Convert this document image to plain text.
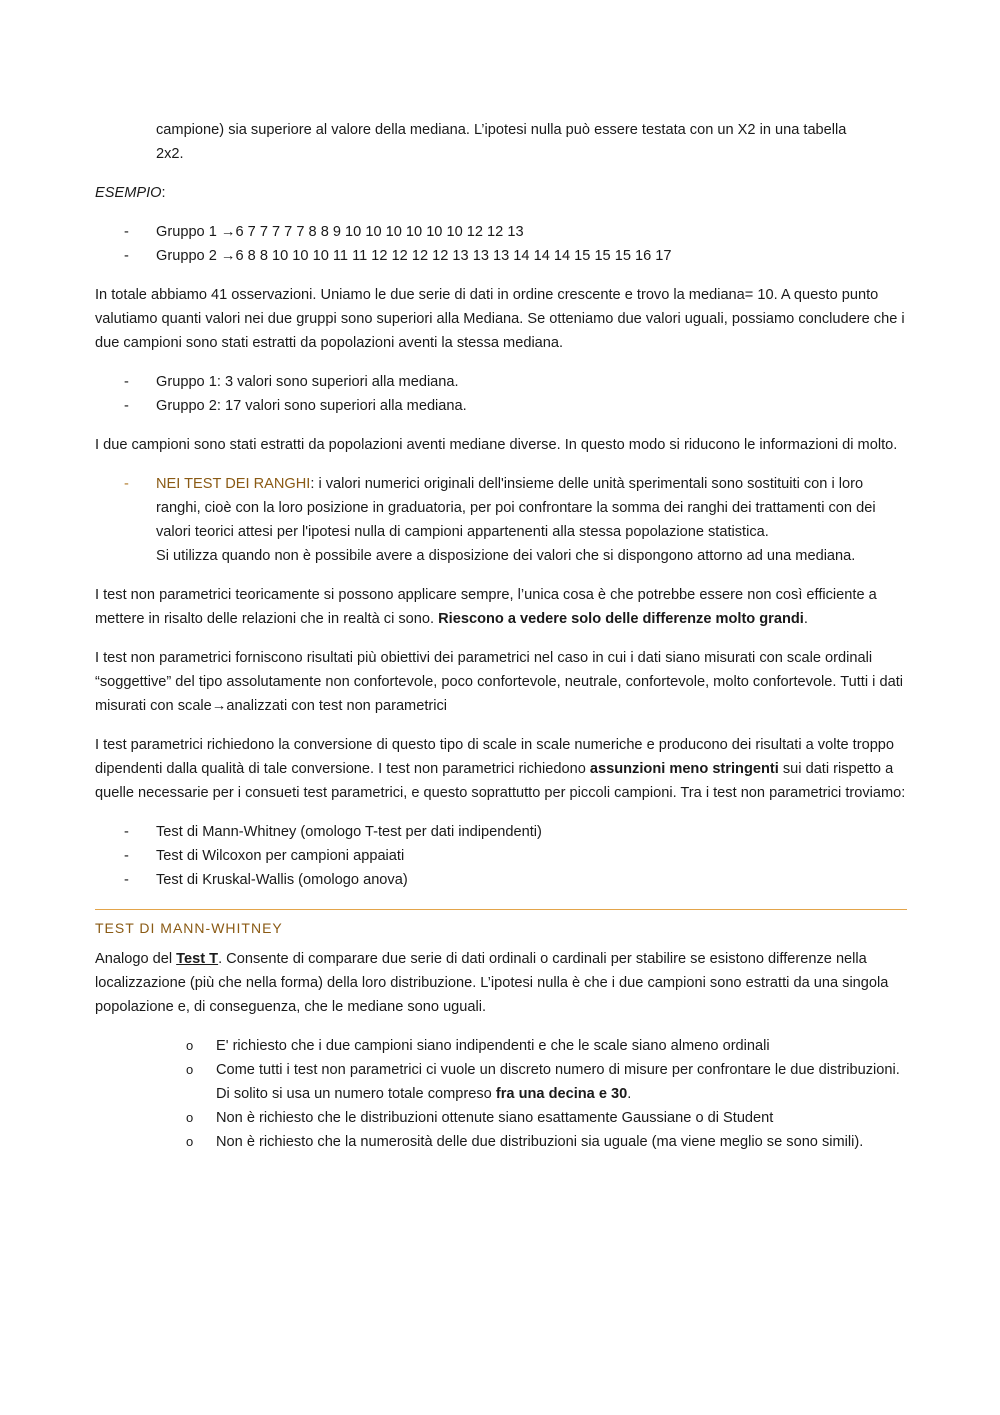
campione) sia superiore al valore della mediana. L’ipotesi nulla può essere testata con un X2 in una tabella

2x2.

ESEMPIO:

- Gruppo 1 →6 7 7 7 7 7 8 8 9 10 10 10 10 10 10 12 12 13
- Gruppo 2 →6 8 8 10 10 10 11 11 12 12 12 12 13 13 13 14 14 14 15 15 15 16 17

In totale abbiamo 41 osservazioni. Uniamo le due serie di dati in ordine crescente e trovo la mediana= 10. A questo punto valutiamo quanti valori nei due gruppi sono superiori alla Mediana. Se otteniamo due valori uguali, possiamo concludere che i due campioni sono stati estratti da popolazioni aventi la stessa mediana.

- Gruppo 1: 3 valori sono superiori alla mediana.
- Gruppo 2: 17 valori sono superiori alla mediana.

I due campioni sono stati estratti da popolazioni aventi mediane diverse. In questo modo si riducono le informazioni di molto.

- NEI TEST DEI RANGHI: i valori numerici originali dell'insieme delle unità sperimentali sono sostituiti con i loro ranghi, cioè con la loro posizione in graduatoria, per poi confrontare la somma dei ranghi dei trattamenti con dei valori teorici attesi per l'ipotesi nulla di campioni appartenenti alla stessa popolazione statistica.
Si utilizza quando non è possibile avere a disposizione dei valori che si dispongono attorno ad una mediana.

I test non parametrici teoricamente si possono applicare sempre, l’unica cosa è che potrebbe essere non così efficiente a mettere in risalto delle relazioni che in realtà ci sono. Riescono a vedere solo delle differenze molto grandi.

I test non parametrici forniscono risultati più obiettivi dei parametrici nel caso in cui i dati siano misurati con scale ordinali “soggettive” del tipo assolutamente non confortevole, poco confortevole, neutrale, confortevole, molto confortevole. Tutti i dati misurati con scale→analizzati con test non parametrici

I test parametrici richiedono la conversione di questo tipo di scale in scale numeriche e producono dei risultati a volte troppo dipendenti dalla qualità di tale conversione. I test non parametrici richiedono assunzioni meno stringenti sui dati rispetto a quelle necessarie per i consueti test parametrici, e questo soprattutto per piccoli campioni. Tra i test non parametrici troviamo:

- Test di Mann-Whitney (omologo T-test per dati indipendenti)
- Test di Wilcoxon per campioni appaiati
- Test di Kruskal-Wallis (omologo anova)
TEST DI MANN-WHITNEY

Analogo del Test T. Consente di comparare due serie di dati ordinali o cardinali per stabilire se esistono differenze nella localizzazione (più che nella forma) della loro distribuzione. L’ipotesi nulla è che i due campioni sono estratti da una singola popolazione e, di conseguenza, che le mediane sono uguali.

o E' richiesto che i due campioni siano indipendenti e che le scale siano almeno ordinali
o Come tutti i test non parametrici ci vuole un discreto numero di misure per confrontare le due distribuzioni. Di solito si usa un numero totale compreso fra una decina e 30.
o Non è richiesto che le distribuzioni ottenute siano esattamente Gaussiane o di Student
o Non è richiesto che la numerosità delle due distribuzioni sia uguale (ma viene meglio se sono simili).
